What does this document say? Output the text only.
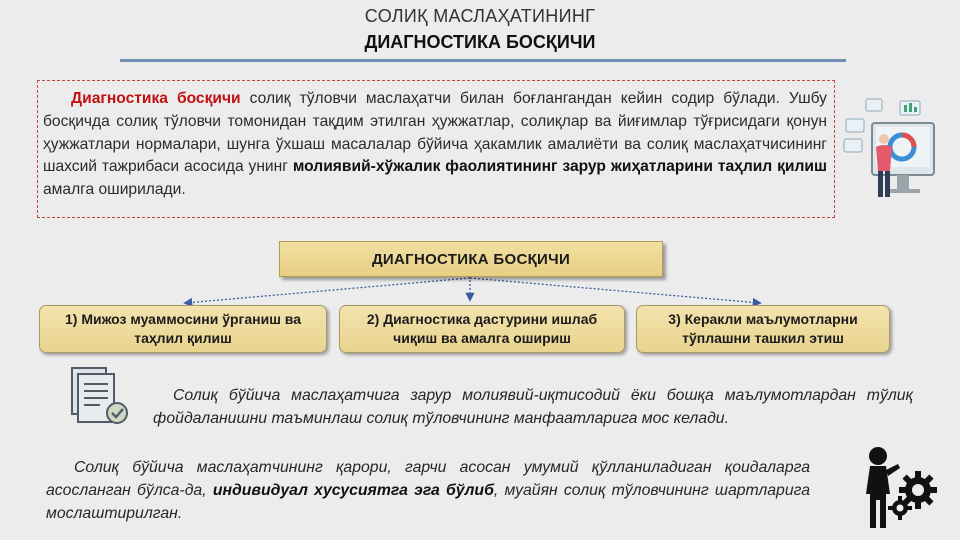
СОЛИҚ МАСЛАҲАТИНИНГ
ДИАГНОСТИКА БОСҚИЧИ
Диагностика босқичи солиқ тўловчи маслаҳатчи билан боғлангандан кейин содир бўлади. Ушбу босқичда солиқ тўловчи томонидан тақдим этилган ҳужжатлар, солиқлар ва йиғимлар тўғрисидаги қонун ҳужжатлари нормалари, шунга ўхшаш масалалар бўйича ҳакамлик амалиёти ва солиқ маслаҳатчисининг шахсий тажрибаси асосида унинг молиявий-хўжалик фаолиятининг зарур жиҳатларини таҳлил қилиш амалга оширилади.
ДИАГНОСТИКА БОСҚИЧИ
1) Мижоз муаммосини ўрганиш ва таҳлил қилиш
2) Диагностика дастурини ишлаб чиқиш ва амалга ошириш
3) Керакли маълумотларни тўплашни ташкил этиш
Солиқ бўйича маслаҳатчига зарур молиявий-иқтисодий ёки бошқа маълумотлардан тўлиқ фойдаланишни таъминлаш солиқ тўловчининг манфаатларига мос келади.
Солиқ бўйича маслаҳатчининг қарори, гарчи асосан умумий қўлланиладиган қоидаларга асосланган бўлса-да, индивидуал хусусиятга эга бўлиб, муайян солиқ тўловчининг шартларига мослаштирилган.
